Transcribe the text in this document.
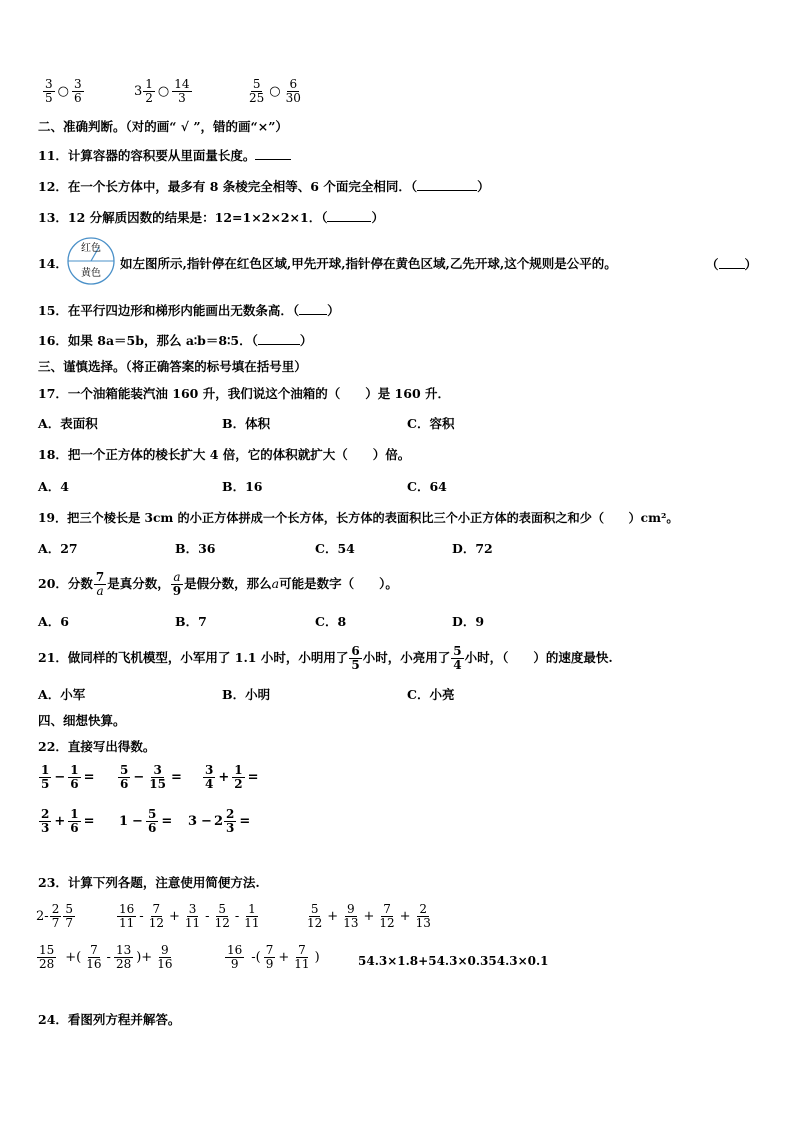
$\frac{3}{5}$ ○ $\frac{3}{6}$	$3 \frac{1}{2}$ ○ $\frac{14}{3}$	$\frac{5}{25}$ ○ $\frac{6}{30}$
二、准确判断。（对的画“ √ ”，错的画“×”）
11．计算容器的容积要从里面量长度。
12．在一个长方体中，最多有 8 条棱完全相等、6 个面完全相同．（	）
13．12 分解质因数的结果是：12=1×2×2×1．（	）
14．
红色
黄色
如左图所示,指针停在红色区域,甲先开球,指针停在黄色区域,乙先开球,这个规则是公平的。	（ ）
15．在平行四边形和梯形内能画出无数条高．（ ）
16．如果 8a＝5b，那么 a∶b＝8∶5．（	）
三、谨慎选择。（将正确答案的标号填在括号里）
17．一个油箱能装汽油 160 升，我们说这个油箱的（　　）是 160 升．
A．表面积	B．体积	C．容积
18．把一个正方体的棱长扩大 4 倍，它的体积就扩大（　　）倍。
A．4	B．16	C．64
19．把三个棱长是 3cm 的小正方体拼成一个长方体，长方体的表面积比三个小正方体的表面积之和少（　　）cm²。
A．27	B．36	C．54	D．72
20．分数 $\frac{7}{a}$ 是真分数， $\frac{a}{9}$ 是假分数，那么a可能是数字（　　）。
A．6	B．7	C．8	D．9
21．做同样的飞机模型，小军用了 1.1 小时，小明用了 $\frac{6}{5}$ 小时，小亮用了 $\frac{5}{4}$ 小时，（　　）的速度最快.
A．小军	B．小明	C．小亮
四、细想快算。
22．直接写出得数。
$\frac{1}{5} - \frac{1}{6} = \frac{5}{6} - \frac{3}{15} = \frac{3}{4} + \frac{1}{2}$ =
$\frac{2}{3} + \frac{1}{6} = 1 - \frac{5}{6} = 3 - 2 \frac{2}{3}$ =
23．计算下列各题，注意使用简便方法.
$2- \frac{2}{7} \frac{5}{7}$	$\frac{16}{11} - \frac{7}{12} + \frac{3}{11} - \frac{5}{12} - \frac{1}{11}$	$\frac{5}{12} + \frac{9}{13} + \frac{7}{12} + \frac{2}{13}$
$\frac{15}{28}$ +( $\frac{7}{16} - \frac{13}{28}$ )+ $\frac{9}{16}$	$\frac{16}{9}$ -( $\frac{7}{9} + \frac{7}{11}$ )	54.3×1.8+54.3×0.354.3×0.1
24．看图列方程并解答。
